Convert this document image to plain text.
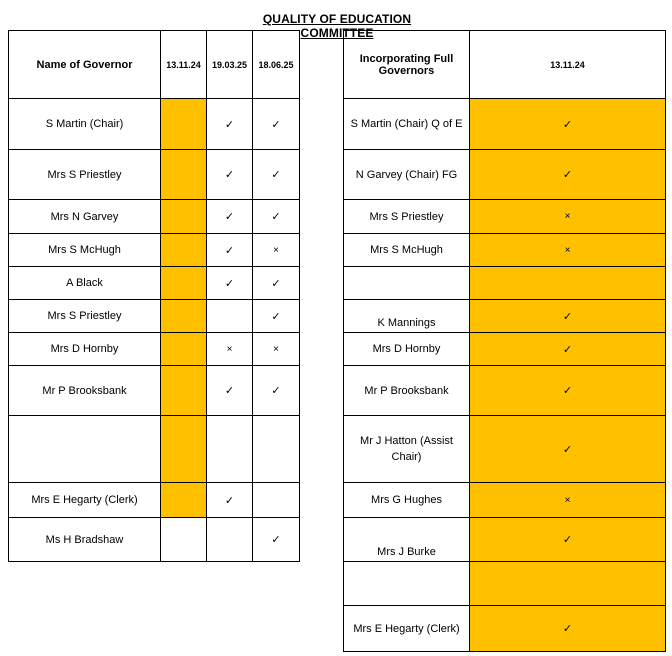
QUALITY OF EDUCATION COMMITTEE
Name of Governor	13.11.24	19.03.25	18.06.25
S Martin (Chair)		✓	✓
Mrs S Priestley		✓	✓
Mrs N Garvey		✓	✓
Mrs S McHugh		✓	×
A Black		✓	✓
Mrs S Priestley			✓
Mrs D Hornby		×	×
Mr P Brooksbank		✓	✓

Mrs E Hegarty (Clerk)		✓	
Ms H Bradshaw			✓
Incorporating Full Governors	13.11.24
S Martin (Chair) Q of E	✓
N Garvey (Chair) FG	✓
Mrs S Priestley	×
Mrs S McHugh	×

K Mannings	✓
Mrs D Hornby	✓
Mr P Brooksbank	✓
Mr J Hatton (Assist Chair)	✓
Mrs G Hughes	×
Mrs J Burke	✓

Mrs E Hegarty (Clerk)	✓
